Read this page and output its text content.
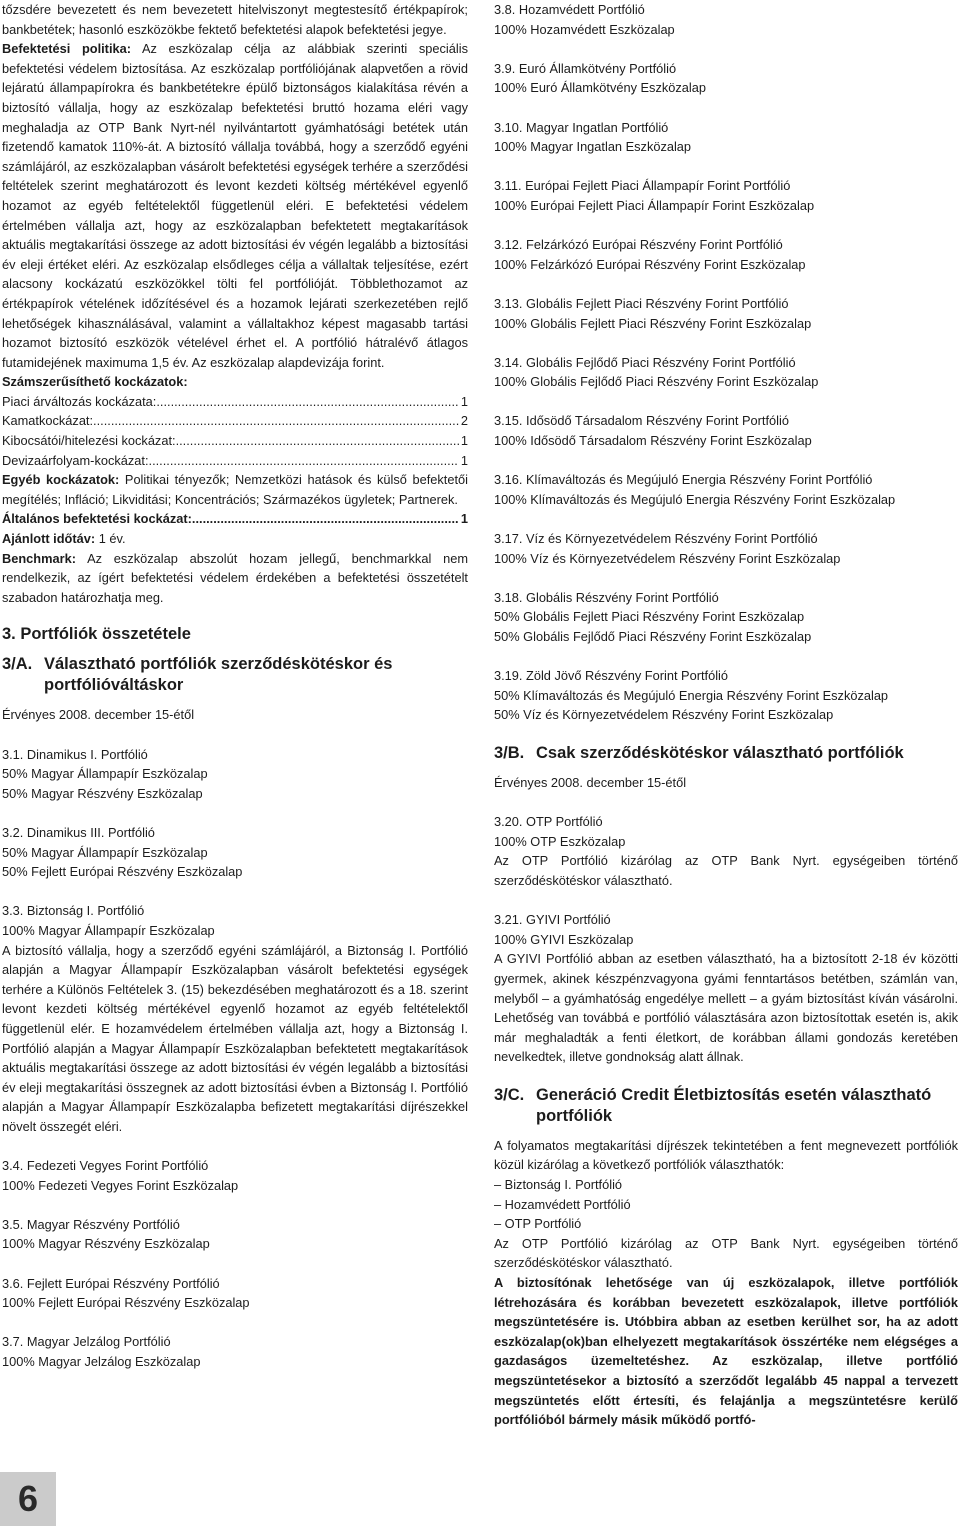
tőzsdére bevezetett és nem bevezetett hitelviszonyt megtestesítő értékpapírok; bankbetétek; hasonló eszközökbe fektető befektetési alapok befektetési jegye.

Befektetési politika: Az eszközalap célja az alábbiak szerinti speciális befektetési védelem biztosítása. Az eszközalap portfóliójának alapvetően a rövid lejáratú állampapírokra és bankbetétekre épülő biztonságos kialakítása révén a biztosító vállalja, hogy az eszközalap befektetési bruttó hozama eléri vagy meghaladja az OTP Bank Nyrt-nél nyilvántartott gyámhatósági betétek után fizetendő kamatok 110%-át. A biztosító vállalja továbbá, hogy a szerződő egyéni számlájáról, az eszközalapban vásárolt befektetési egységek terhére a szerződési feltételek szerint meghatározott és levont kezdeti költség mértékével egyenlő hozamot az egyéb feltételektől függetlenül eléri. E befektetési védelem értelmében vállalja azt, hogy az eszközalapban befektetett megtakarítások aktuális megtakarítási összege az adott biztosítási év végén legalább a biztosítási év eleji értéket eléri. Az eszközalap elsődleges célja a vállaltak teljesítése, ezért alacsony kockázatú eszközökkel tölti fel portfólióját. Többlethozamot az értékpapírok vételének időzítésével és a hozamok lejárati szerkezetében rejlő lehetőségek kihasználásával, valamint a vállaltakhoz képest magasabb tartási hozamot biztosító eszközök vételével érhet el. A portfólió hátralévő átlagos futamidejének maximuma 1,5 év. Az eszközalap alapdevizája forint.

Számszerűsíthető kockázatok:
Piaci árváltozás kockázata: .....	1
Kamatkockázat: .....	2
Kibocsátói/hitelezési kockázat: .....	1
Devizaárfolyam-kockázat: .....	1

Egyéb kockázatok: Politikai tényezők; Nemzetközi hatások és külső befektetői megítélés; Infláció; Likviditási; Koncentrációs; Származékos ügyletek; Partnerek.

Általános befektetési kockázat: .....	1

Ajánlott időtáv: 1 év.

Benchmark: Az eszközalap abszolút hozam jellegű, benchmarkkal nem rendelkezik, az ígért befektetési védelem érdekében a befektetési összetételt szabadon határozhatja meg.

3. Portfóliók összetétele
3/A. Választható portfóliók szerződéskötéskor és portfólióváltáskor
Érvényes 2008. december 15-étől
3.1. Dinamikus I. Portfólió
50% Magyar Állampapír Eszközalap
50% Magyar Részvény Eszközalap
3.2. Dinamikus III. Portfólió
50% Magyar Állampapír Eszközalap
50% Fejlett Európai Részvény Eszközalap
3.3. Biztonság I. Portfólió
100% Magyar Állampapír Eszközalap

A biztosító vállalja, hogy a szerződő egyéni számlájáról, a Biztonság I. Portfólió alapján a Magyar Állampapír Eszközalapban vásárolt befektetési egységek terhére a Különös Feltételek 3. (15) bekezdésében meghatározott és a 18. szerint levont kezdeti költség mértékével egyenlő hozamot az egyéb feltételektől függetlenül elér. E hozamvédelem értelmében vállalja azt, hogy a Biztonság I. Portfólió alapján a Magyar Állampapír Eszközalapban befektetett megtakarítások aktuális megtakarítási összege az adott biztosítási év végén legalább a biztosítási év eleji megtakarítási összegnek az adott biztosítási évben a Biztonság I. Portfólió alapján a Magyar Állampapír Eszközalapba befizetett megtakarítási díjrészekkel növelt összegét eléri.

3.4. Fedezeti Vegyes Forint Portfólió
100% Fedezeti Vegyes Forint Eszközalap
3.5. Magyar Részvény Portfólió
100% Magyar Részvény Eszközalap
3.6. Fejlett Európai Részvény Portfólió
100% Fejlett Európai Részvény Eszközalap
3.7. Magyar Jelzálog Portfólió
100% Magyar Jelzálog Eszközalap
3.8. Hozamvédett Portfólió
100% Hozamvédett Eszközalap
3.9. Euró Államkötvény Portfólió
100% Euró Államkötvény Eszközalap
3.10. Magyar Ingatlan Portfólió
100% Magyar Ingatlan Eszközalap
3.11. Európai Fejlett Piaci Állampapír Forint Portfólió
100% Európai Fejlett Piaci Állampapír Forint Eszközalap
3.12. Felzárkózó Európai Részvény Forint Portfólió
100% Felzárkózó Európai Részvény Forint Eszközalap
3.13. Globális Fejlett Piaci Részvény Forint Portfólió
100% Globális Fejlett Piaci Részvény Forint Eszközalap
3.14. Globális Fejlődő Piaci Részvény Forint Portfólió
100% Globális Fejlődő Piaci Részvény Forint Eszközalap
3.15. Idősödő Társadalom Részvény Forint Portfólió
100% Idősödő Társadalom Részvény Forint Eszközalap
3.16. Klímaváltozás és Megújuló Energia Részvény Forint Portfólió
100% Klímaváltozás és Megújuló Energia Részvény Forint Eszközalap
3.17. Víz és Környezetvédelem Részvény Forint Portfólió
100% Víz és Környezetvédelem Részvény Forint Eszközalap
3.18. Globális Részvény Forint Portfólió
50% Globális Fejlett Piaci Részvény Forint Eszközalap
50% Globális Fejlődő Piaci Részvény Forint Eszközalap
3.19. Zöld Jövő Részvény Forint Portfólió
50% Klímaváltozás és Megújuló Energia Részvény Forint Eszközalap
50% Víz és Környezetvédelem Részvény Forint Eszközalap
3/B. Csak szerződéskötéskor választható portfóliók
Érvényes 2008. december 15-étől
3.20. OTP Portfólió
100% OTP Eszközalap

Az OTP Portfólió kizárólag az OTP Bank Nyrt. egységeiben történő szerződéskötéskor választható.

3.21. GYIVI Portfólió
100% GYIVI Eszközalap

A GYIVI Portfólió abban az esetben választható, ha a biztosított 2-18 év közötti gyermek, akinek készpénzvagyona gyámi fenntartásos betétben, számlán van, melyből – a gyámhatóság engedélye mellett – a gyám biztosítást kíván vásárolni. Lehetőség van továbbá e portfólió választására azon biztosítottak esetén is, akik már meghaladták a fenti életkort, de korábban állami gondozás keretében nevelkedtek, illetve gondnokság alatt állnak.

3/C. Generáció Credit Életbiztosítás esetén választható portfóliók

A folyamatos megtakarítási díjrészek tekintetében a fent megnevezett portfóliók közül kizárólag a következő portfóliók választhatók:

– Biztonság I. Portfólió
– Hozamvédett Portfólió
– OTP Portfólió

Az OTP Portfólió kizárólag az OTP Bank Nyrt. egységeiben történő szerződéskötéskor választható.

A biztosítónak lehetősége van új eszközalapok, illetve portfóliók létrehozására és korábban bevezetett eszközalapok, illetve portfóliók megszüntetésére is. Utóbbira abban az esetben kerülhet sor, ha az adott eszközalap(ok)ban elhelyezett megtakarítások összértéke nem elégséges a gazdaságos üzemeltetéshez. Az eszközalap, illetve portfólió megszüntetésekor a biztosító a szerződőt legalább 45 nappal a tervezett megszüntetés előtt értesíti, és felajánlja a megszüntetésre kerülő portfólióból bármely másik működő portfó-

6
